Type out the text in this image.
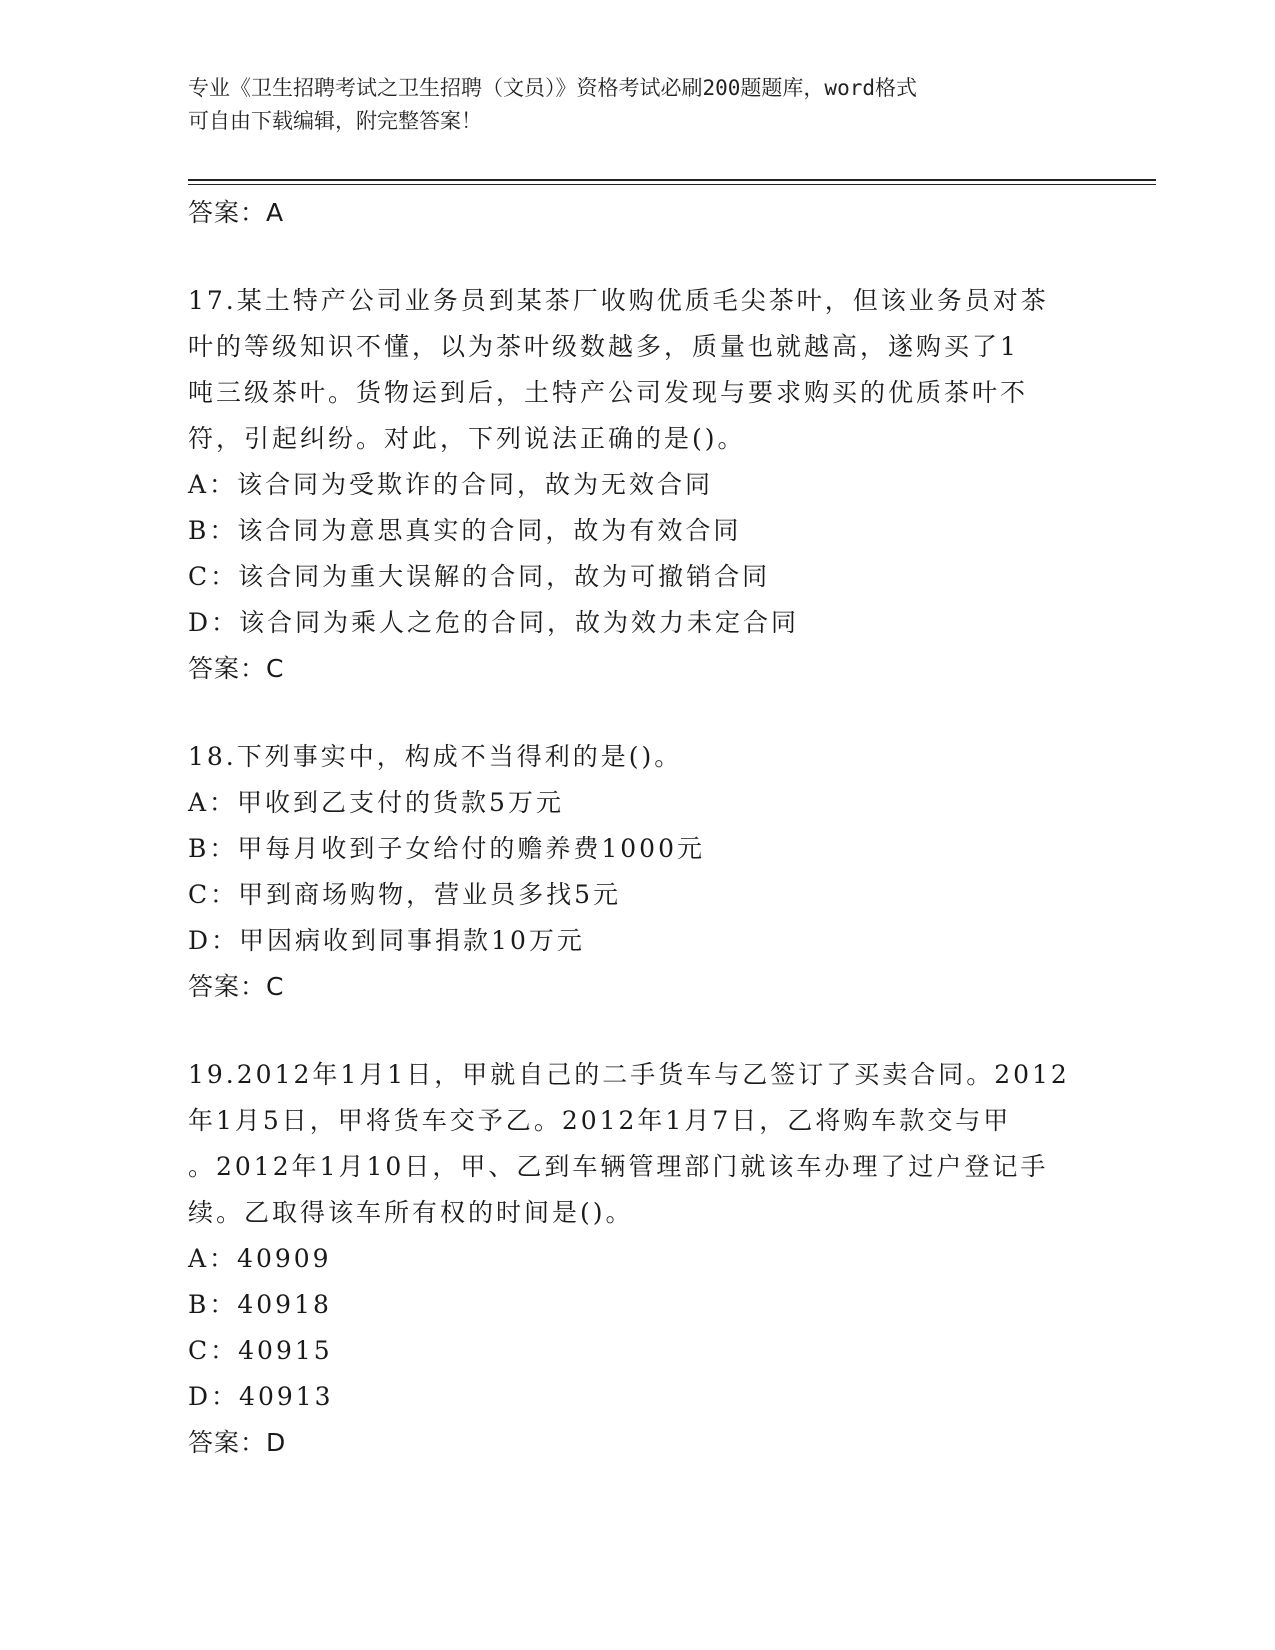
专业《卫生招聘考试之卫生招聘（文员）》资格考试必刷200题题库，word格式
可自由下载编辑，附完整答案！
答案：A
17.某土特产公司业务员到某茶厂收购优质毛尖茶叶，但该业务员对茶
叶的等级知识不懂，以为茶叶级数越多，质量也就越高，遂购买了1
吨三级茶叶。货物运到后，土特产公司发现与要求购买的优质茶叶不
符，引起纠纷。对此，下列说法正确的是()。
A：该合同为受欺诈的合同，故为无效合同
B：该合同为意思真实的合同，故为有效合同
C：该合同为重大误解的合同，故为可撤销合同
D：该合同为乘人之危的合同，故为效力未定合同
答案：C
18.下列事实中，构成不当得利的是()。
A：甲收到乙支付的货款5万元
B：甲每月收到子女给付的赡养费1000元
C：甲到商场购物，营业员多找5元
D：甲因病收到同事捐款10万元
答案：C
19.2012年1月1日，甲就自己的二手货车与乙签订了买卖合同。2012
年1月5日，甲将货车交予乙。2012年1月7日，乙将购车款交与甲
。2012年1月10日，甲、乙到车辆管理部门就该车办理了过户登记手
续。乙取得该车所有权的时间是()。
A：40909
B：40918
C：40915
D：40913
答案：D
